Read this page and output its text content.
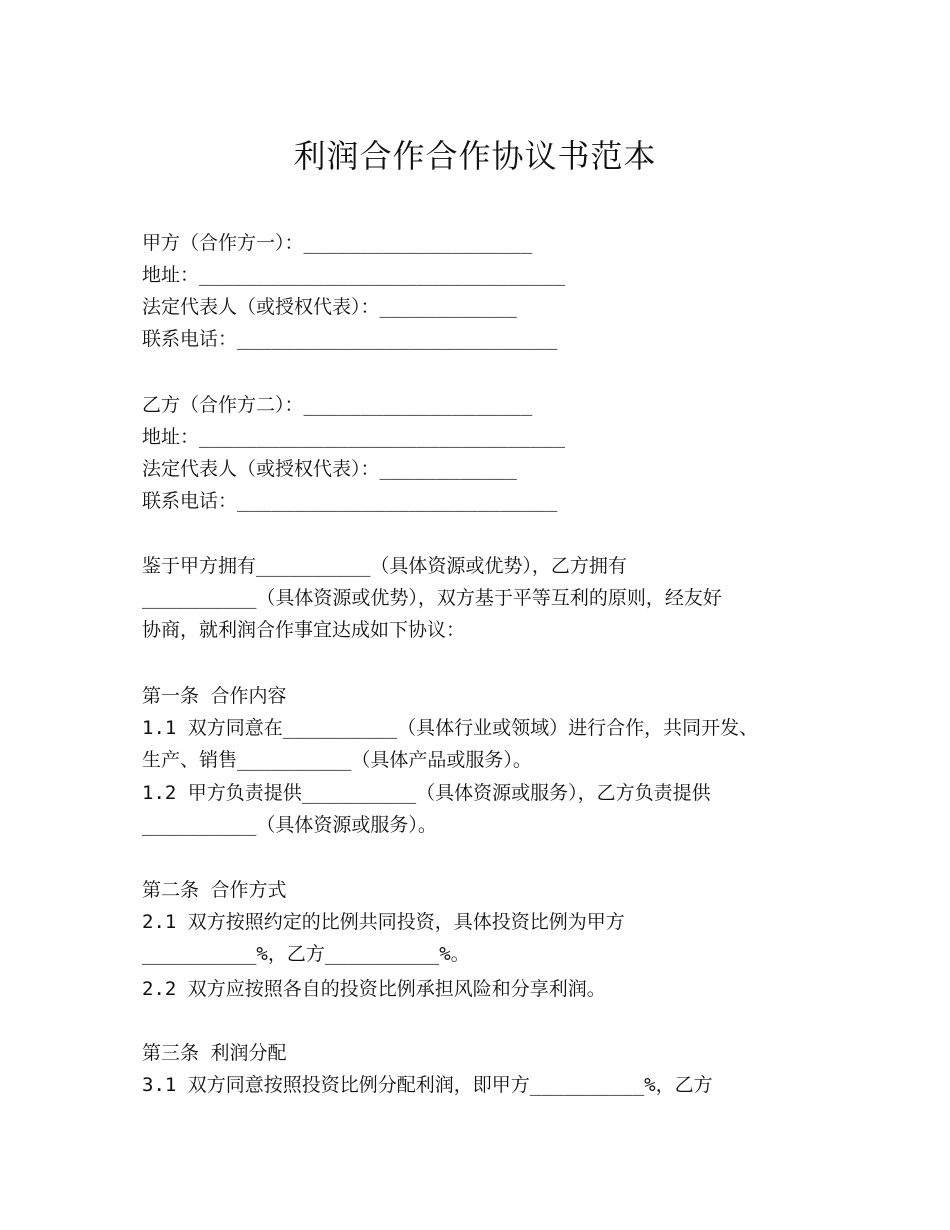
利润合作合作协议书范本
甲方（合作方一）：____________________
地址：________________________________
法定代表人（或授权代表）：____________
联系电话：____________________________
乙方（合作方二）：____________________
地址：________________________________
法定代表人（或授权代表）：____________
联系电话：____________________________
鉴于甲方拥有__________（具体资源或优势），乙方拥有
__________（具体资源或优势），双方基于平等互利的原则，经友好
协商，就利润合作事宜达成如下协议：
第一条 合作内容
1.1 双方同意在__________（具体行业或领域）进行合作，共同开发、
生产、销售__________（具体产品或服务）。
1.2 甲方负责提供__________（具体资源或服务），乙方负责提供
__________（具体资源或服务）。
第二条 合作方式
2.1 双方按照约定的比例共同投资，具体投资比例为甲方
__________%，乙方__________%。
2.2 双方应按照各自的投资比例承担风险和分享利润。
第三条 利润分配
3.1 双方同意按照投资比例分配利润，即甲方__________%，乙方
